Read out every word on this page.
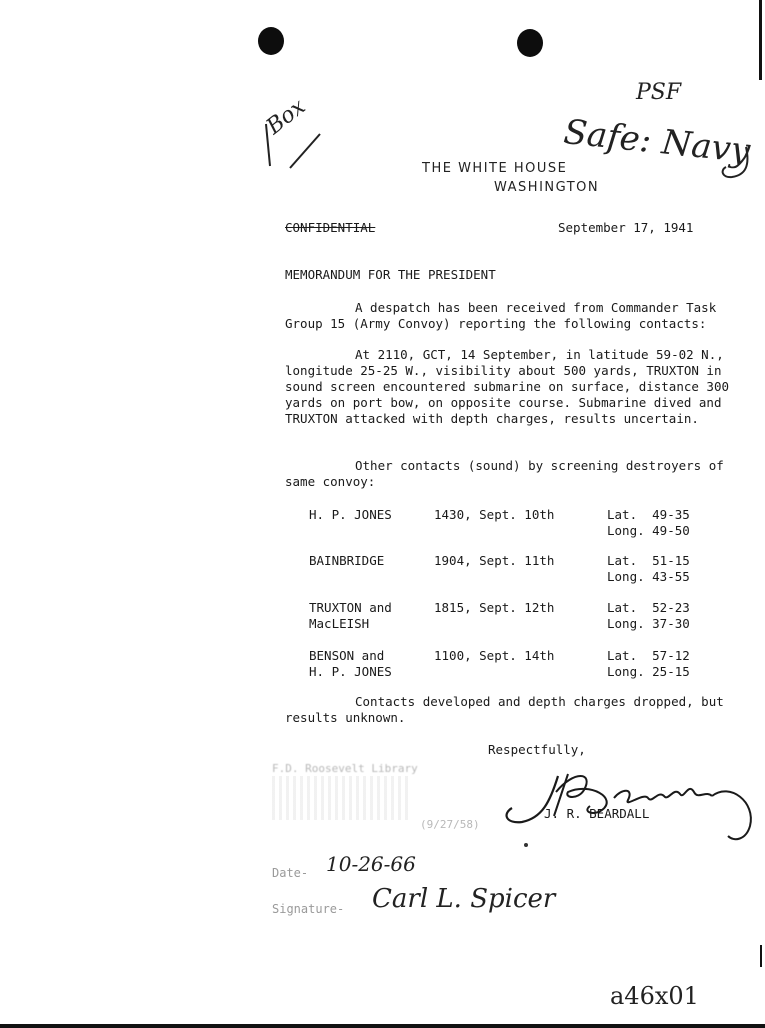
PSF
Safe: Navy
Box
THE WHITE HOUSE
WASHINGTON
CONFIDENTIAL	September 17, 1941
MEMORANDUM FOR THE PRESIDENT
A despatch has been received from Commander Task Group 15 (Army Convoy) reporting the following contacts:
At 2110, GCT, 14 September, in latitude 59-02 N., longitude 25-25 W., visibility about 500 yards, TRUXTON in sound screen encountered submarine on surface, distance 300 yards on port bow, on opposite course. Submarine dived and TRUXTON attacked with depth charges, results uncertain.
Other contacts (sound) by screening destroyers of same convoy:
H. P. JONES	1430, Sept. 10th	Lat.  49-35
Long. 49-50
BAINBRIDGE	1904, Sept. 11th	Lat.  51-15
Long. 43-55
TRUXTON and
MacLEISH
1815, Sept. 12th	Lat.  52-23
Long. 37-30
BENSON and
H. P. JONES
1100, Sept. 14th	Lat.  57-12
Long. 25-15
Contacts developed and depth charges dropped, but results unknown.
Respectfully,
J. R. BEARDALL
F.D. Roosevelt Library
(9/27/58)
Date- 10-26-66
Signature- Carl L. Spicer
a46x01
